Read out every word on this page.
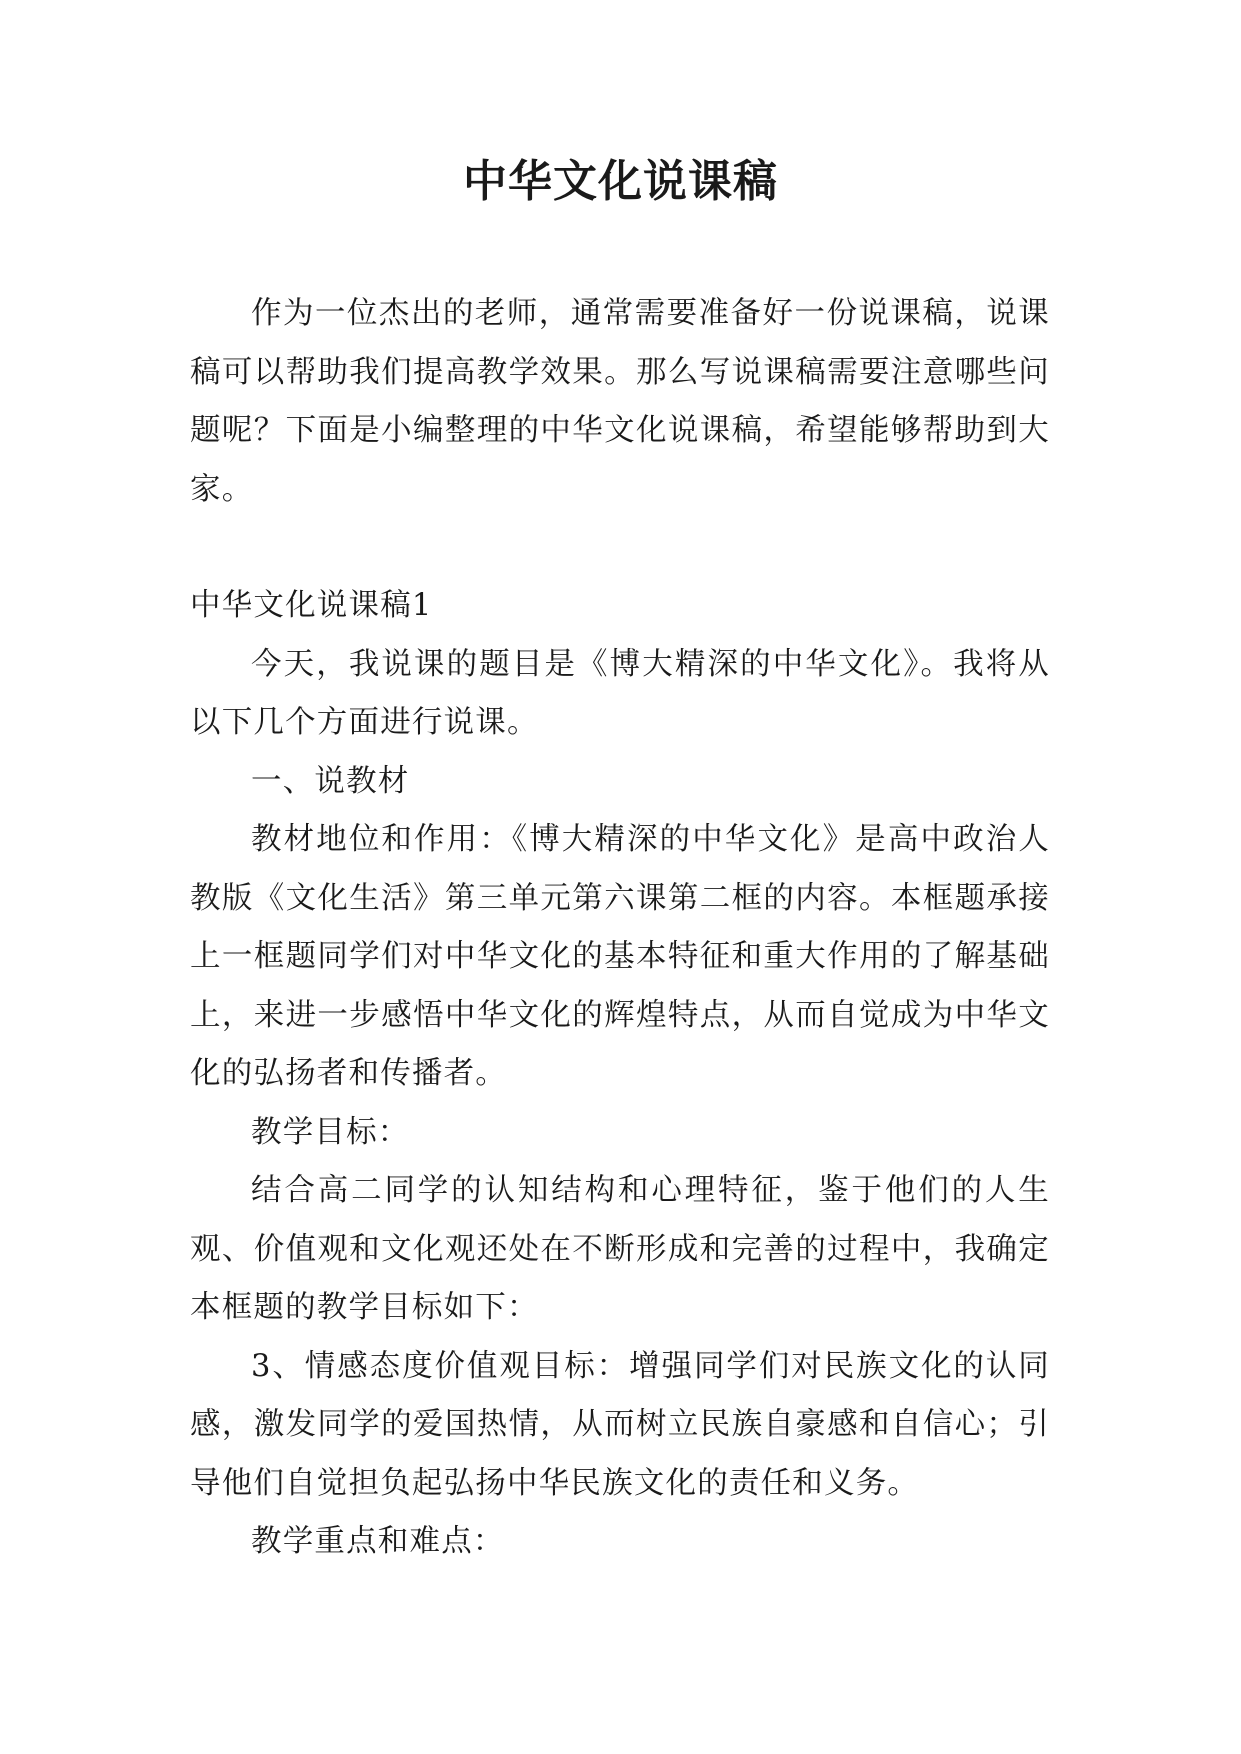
中华文化说课稿

作为一位杰出的老师，通常需要准备好一份说课稿，说课稿可以帮助我们提高教学效果。那么写说课稿需要注意哪些问题呢？下面是小编整理的中华文化说课稿，希望能够帮助到大家。

中华文化说课稿1

今天，我说课的题目是《博大精深的中华文化》。我将从以下几个方面进行说课。

一、说教材

教材地位和作用：《博大精深的中华文化》是高中政治人教版《文化生活》第三单元第六课第二框的内容。本框题承接上一框题同学们对中华文化的基本特征和重大作用的了解基础上，来进一步感悟中华文化的辉煌特点，从而自觉成为中华文化的弘扬者和传播者。

教学目标：

结合高二同学的认知结构和心理特征，鉴于他们的人生观、价值观和文化观还处在不断形成和完善的过程中，我确定本框题的教学目标如下：

3、情感态度价值观目标：增强同学们对民族文化的认同感，激发同学的爱国热情，从而树立民族自豪感和自信心；引导他们自觉担负起弘扬中华民族文化的责任和义务。

教学重点和难点：
